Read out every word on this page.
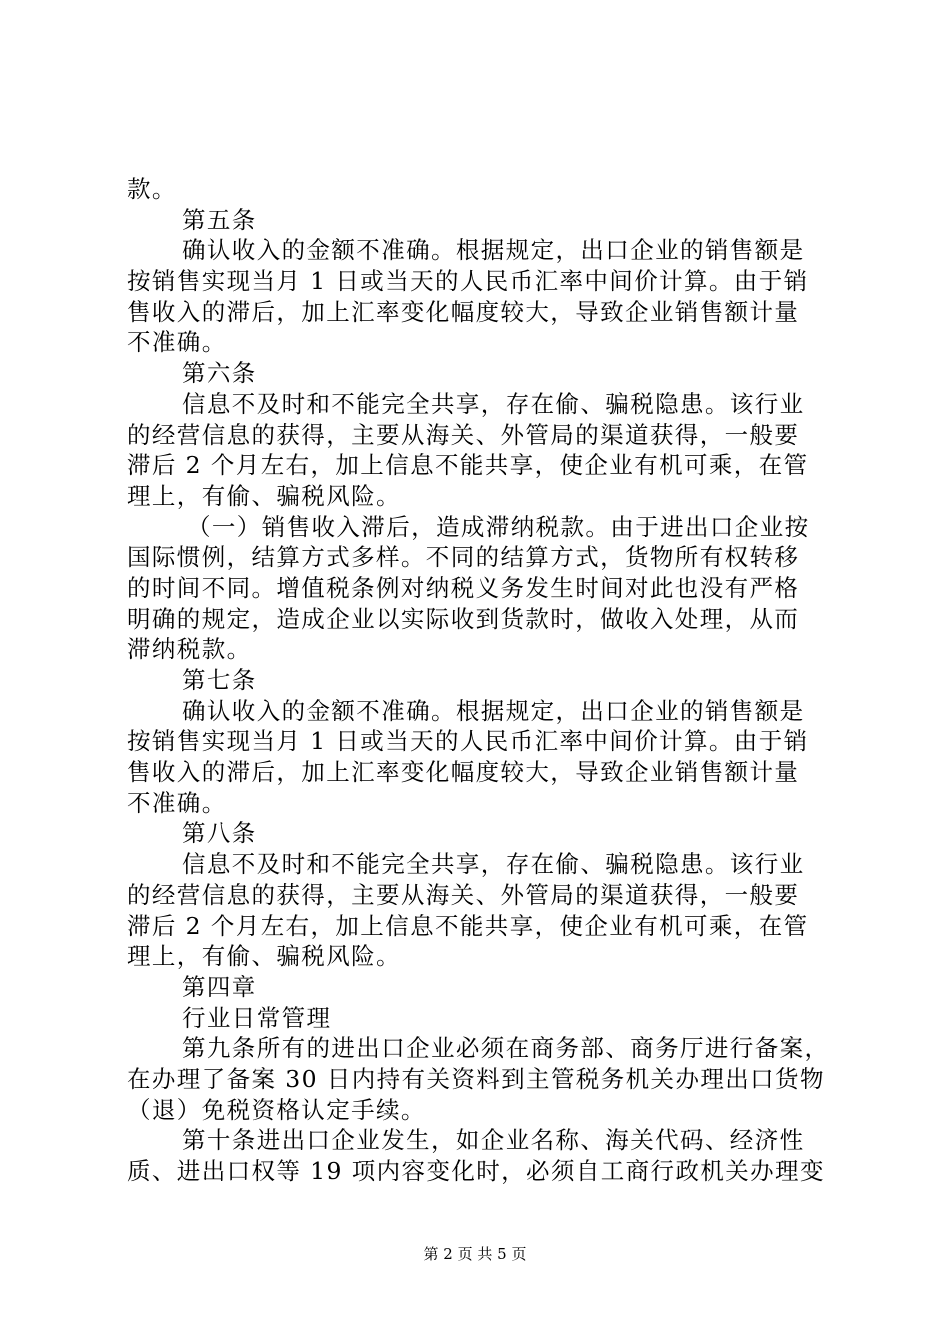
款。
第五条
确认收入的金额不准确。根据规定，出口企业的销售额是
按销售实现当月 1 日或当天的人民币汇率中间价计算。由于销
售收入的滞后，加上汇率变化幅度较大，导致企业销售额计量
不准确。
第六条
信息不及时和不能完全共享，存在偷、骗税隐患。该行业
的经营信息的获得，主要从海关、外管局的渠道获得，一般要
滞后 2 个月左右，加上信息不能共享，使企业有机可乘，在管
理上，有偷、骗税风险。
（一）销售收入滞后，造成滞纳税款。由于进出口企业按
国际惯例，结算方式多样。不同的结算方式，货物所有权转移
的时间不同。增值税条例对纳税义务发生时间对此也没有严格
明确的规定，造成企业以实际收到货款时，做收入处理，从而
滞纳税款。
第七条
确认收入的金额不准确。根据规定，出口企业的销售额是
按销售实现当月 1 日或当天的人民币汇率中间价计算。由于销
售收入的滞后，加上汇率变化幅度较大，导致企业销售额计量
不准确。
第八条
信息不及时和不能完全共享，存在偷、骗税隐患。该行业
的经营信息的获得，主要从海关、外管局的渠道获得，一般要
滞后 2 个月左右，加上信息不能共享，使企业有机可乘，在管
理上，有偷、骗税风险。
第四章
行业日常管理
第九条所有的进出口企业必须在商务部、商务厅进行备案，
在办理了备案 30 日内持有关资料到主管税务机关办理出口货物
（退）免税资格认定手续。
第十条进出口企业发生，如企业名称、海关代码、经济性
质、进出口权等 19 项内容变化时，必须自工商行政机关办理变
第 2 页 共 5 页
